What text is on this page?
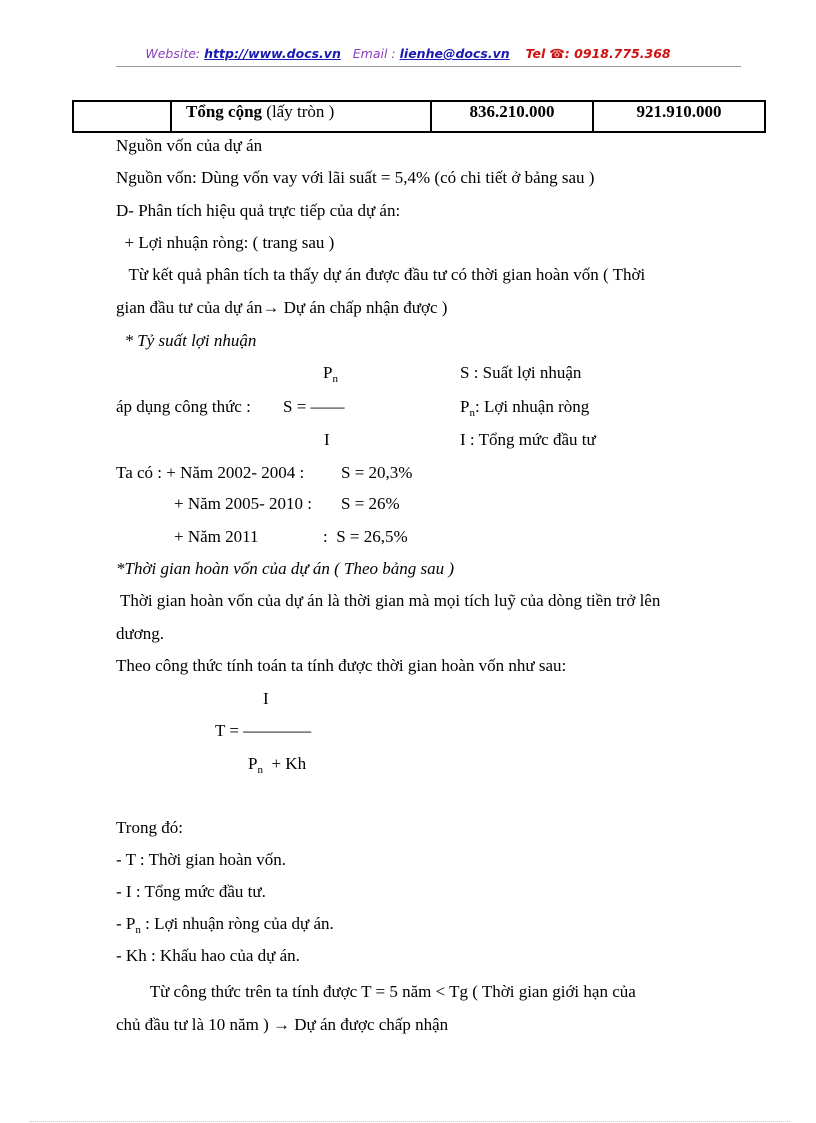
Website: http://www.docs.vn Email : lienhe@docs.vn Tel ☎: 0918.775.368
	Tổng cộng (lấy tròn )	836.210.000	921.910.000
Nguồn vốn của dự án
Nguồn vốn: Dùng vốn vay với lãi suất = 5,4% (có chi tiết ở bảng sau )
D- Phân tích hiệu quả trực tiếp của dự án:
+ Lợi nhuận ròng: ( trang sau )
Từ kết quả phân tích ta thấy dự án được đầu tư có thời gian hoàn vốn ( Thời
gian đầu tư của dự án→ Dự án chấp nhận được )
* Tỷ suất lợi nhuận
$P_n$	S : Suất lợi nhuận
áp dụng công thức : S = ——	$P_n$: Lợi nhuận ròng
I	I : Tổng mức đầu tư
Ta có : + Năm 2002- 2004 : S = 20,3%
+ Năm 2005- 2010 : S = 26%
+ Năm 2011	:  S = 26,5%
*Thời gian hoàn vốn của dự án ( Theo bảng sau )
Thời gian hoàn vốn của dự án là thời gian mà mọi tích luỹ của dòng tiền trở lên
dương.
Theo công thức tính toán ta tính được thời gian hoàn vốn như sau:
I
T = ————
$P_n + Kh$
Trong đó:
- T : Thời gian hoàn vốn.
- I : Tổng mức đầu tư.
- $P_n$ : Lợi nhuận ròng của dự án.
- Kh : Khấu hao của dự án.
Từ công thức trên ta tính được T = 5 năm < Tg ( Thời gian giới hạn của
chủ đầu tư là 10 năm ) → Dự án được chấp nhận
